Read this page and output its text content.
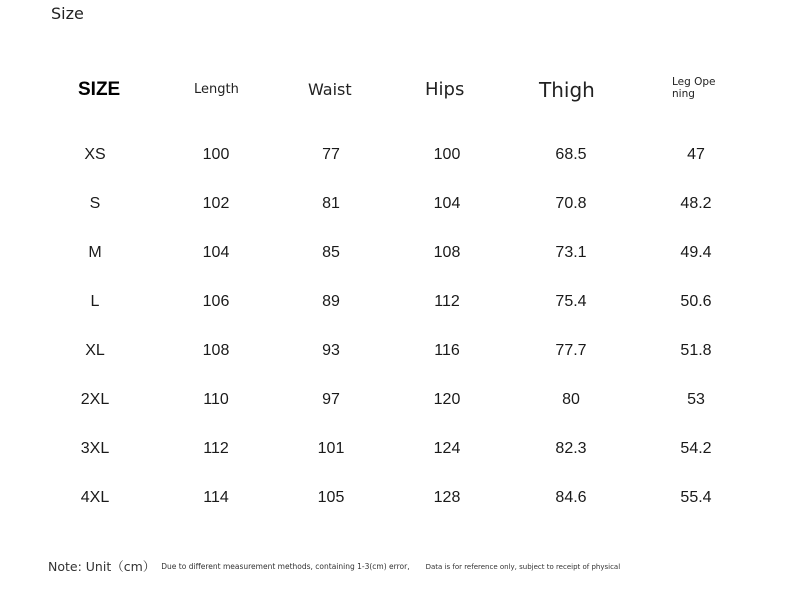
Size
SIZE	Length	Waist	Hips	Thigh	Leg Opening
XS	100	77	100	68.5	47
S	102	81	104	70.8	48.2
M	104	85	108	73.1	49.4
L	106	89	112	75.4	50.6
XL	108	93	116	77.7	51.8
2XL	110	97	120	80	53
3XL	112	101	124	82.3	54.2
4XL	114	105	128	84.6	55.4
Note: Unit（cm） Due to different measurement methods, containing 1-3(cm) error, Data is for reference only, subject to receipt of physical
